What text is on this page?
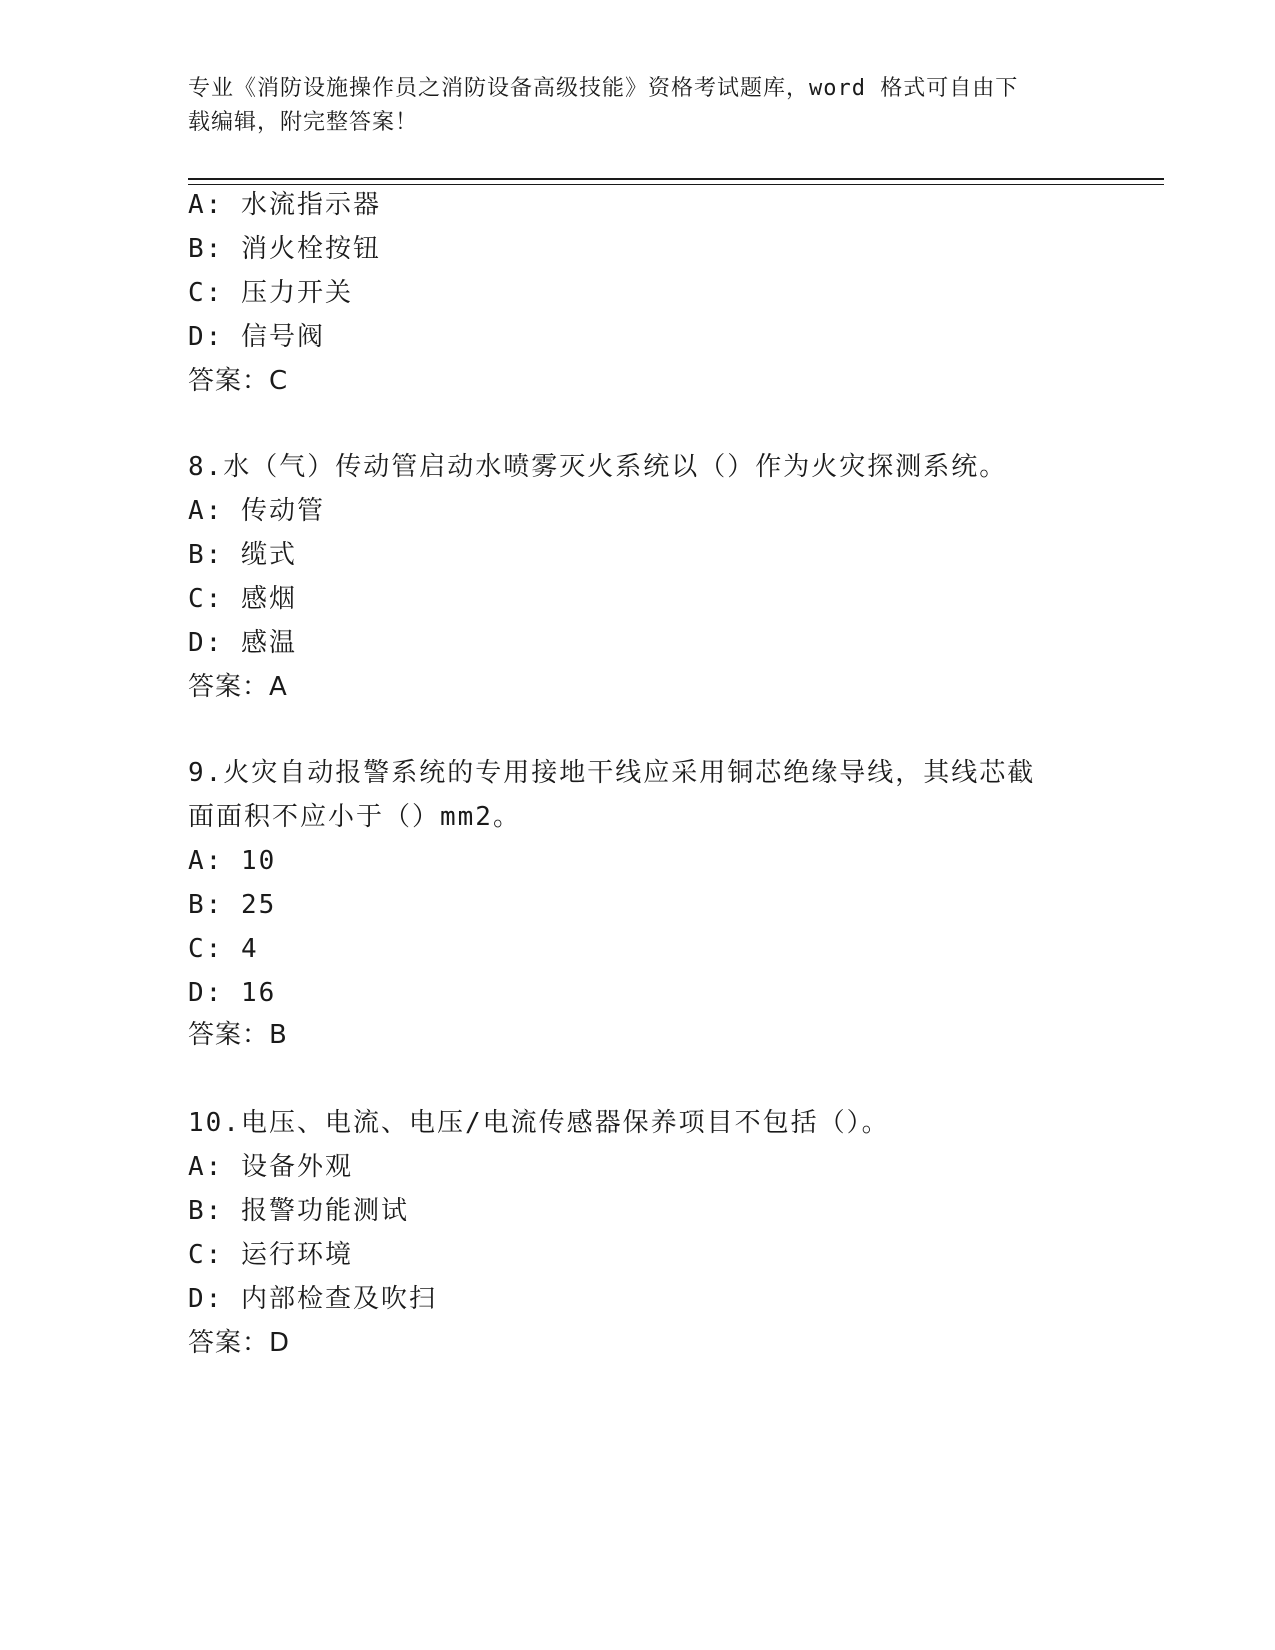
专业《消防设施操作员之消防设备高级技能》资格考试题库，word 格式可自由下
载编辑，附完整答案！
A: 水流指示器
B: 消火栓按钮
C: 压力开关
D: 信号阀
答案：C
8.水（气）传动管启动水喷雾灭火系统以（）作为火灾探测系统。
A: 传动管
B: 缆式
C: 感烟
D: 感温
答案：A
9.火灾自动报警系统的专用接地干线应采用铜芯绝缘导线，其线芯截
面面积不应小于（）mm2。
A: 10
B: 25
C: 4
D: 16
答案：B
10.电压、电流、电压/电流传感器保养项目不包括（）。
A: 设备外观
B: 报警功能测试
C: 运行环境
D: 内部检查及吹扫
答案：D
